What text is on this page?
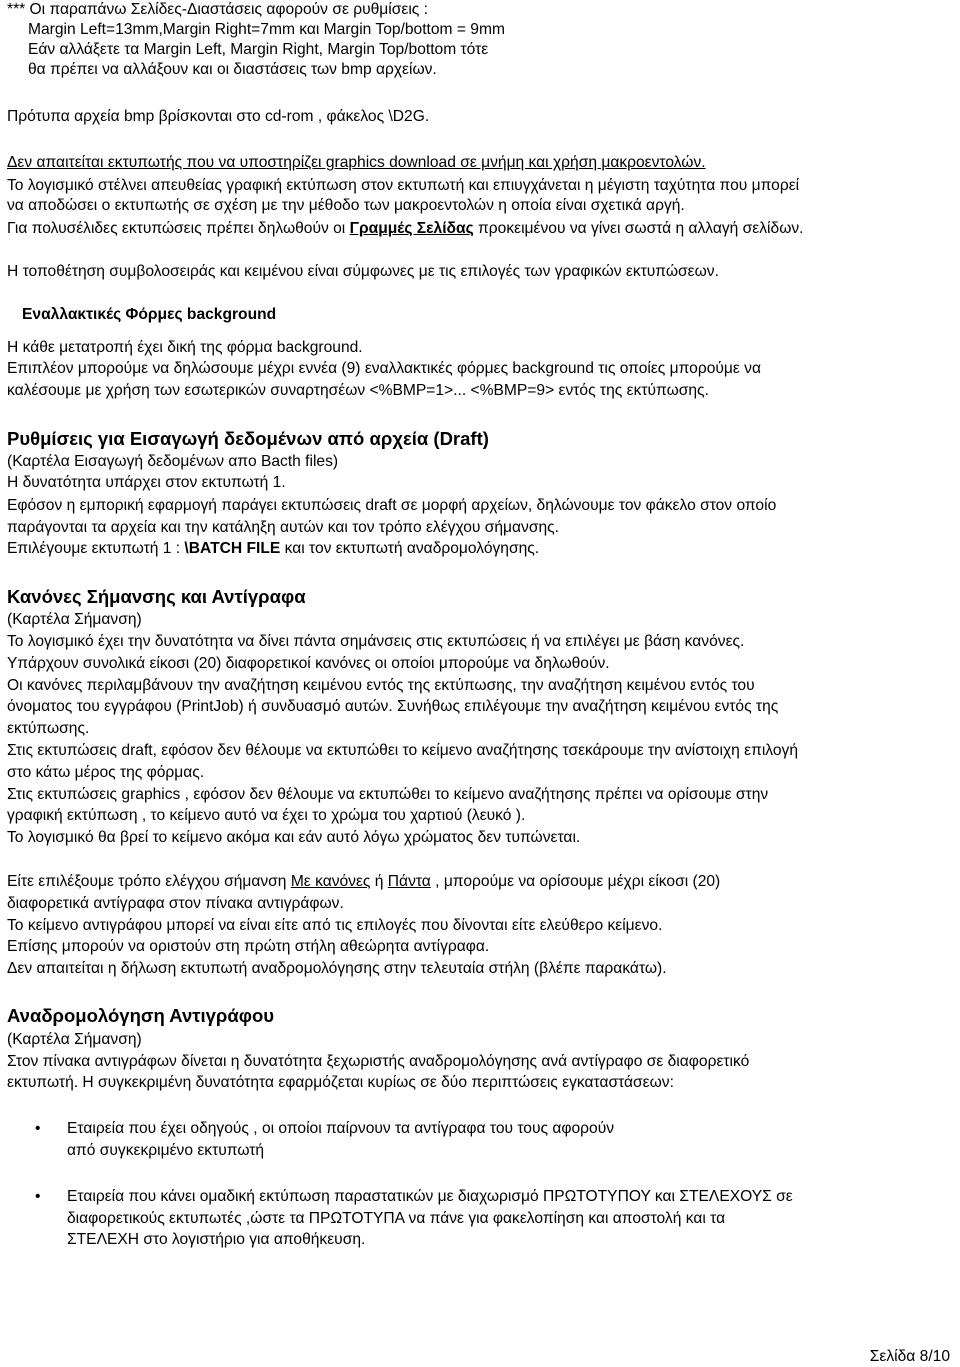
*** Οι παραπάνω Σελίδες-Διαστάσεις αφορούν σε ρυθμίσεις :

Margin Left=13mm,Margin Right=7mm και Margin Top/bottom = 9mm

Εάν αλλάξετε τα Margin Left, Margin Right, Margin Top/bottom τότε

θα πρέπει να αλλάξουν και οι διαστάσεις των bmp αρχείων.

Πρότυπα αρχεία bmp βρίσκονται στο cd-rom , φάκελος \D2G.

Δεν απαιτείται εκτυπωτής που να υποστηρίζει graphics download σε μνήμη και χρήση μακροεντολών.

Το λογισμικό στέλνει απευθείας γραφική εκτύπωση στον εκτυπωτή και επιυγχάνεται η μέγιστη ταχύτητα που μπορεί

να αποδώσει ο εκτυπωτής σε σχέση με την μέθοδο των μακροεντολών η οποία είναι σχετικά αργή.

Για πολυσέλιδες εκτυπώσεις πρέπει δηλωθούν οι Γραμμές Σελίδας προκειμένου να γίνει σωστά η αλλαγή σελίδων.

Η τοποθέτηση συμβολοσειράς και κειμένου είναι σύμφωνες με τις επιλογές των γραφικών εκτυπώσεων.

Εναλλακτικές Φόρμες background

Η κάθε μετατροπή έχει δική της φόρμα background.

Επιπλέον μπορούμε να δηλώσουμε μέχρι εννέα (9) εναλλακτικές φόρμες background τις οποίες μπορούμε να

καλέσουμε με χρήση των εσωτερικών συναρτησέων <%BMP=1>... <%BMP=9> εντός της εκτύπωσης.

Ρυθμίσεις για Εισαγωγή δεδομένων από αρχεία (Draft)

(Καρτέλα Εισαγωγή δεδομένων απο Bacth files)

Η δυνατότητα υπάρχει στον εκτυπωτή 1.

Εφόσον η εμπορική εφαρμογή παράγει εκτυπώσεις draft σε μορφή αρχείων, δηλώνουμε τον φάκελο στον οποίο

παράγονται τα αρχεία και την κατάληξη αυτών και τον τρόπο ελέγχου σήμανσης.

Επιλέγουμε εκτυπωτή 1 : \BATCH FILE και τον εκτυπωτή αναδρομολόγησης.

Κανόνες Σήμανσης και Αντίγραφα

(Καρτέλα Σήμανση)

Το λογισμικό έχει την δυνατότητα να δίνει πάντα σημάνσεις στις εκτυπώσεις ή να επιλέγει με βάση κανόνες.

Υπάρχουν συνολικά είκοσι (20) διαφορετικοί κανόνες οι οποίοι μπορούμε να δηλωθούν.

Οι κανόνες περιλαμβάνουν την αναζήτηση κειμένου εντός της εκτύπωσης, την αναζήτηση κειμένου εντός του

όνοματος του εγγράφου (PrintJob) ή συνδυασμό αυτών. Συνήθως επιλέγουμε την αναζήτηση κειμένου εντός της

εκτύπωσης.

Στις εκτυπώσεις draft, εφόσον δεν θέλουμε να εκτυπώθει το κείμενο αναζήτησης τσεκάρουμε την ανίστοιχη επιλογή

στο κάτω μέρος της φόρμας.

Στις εκτυπώσεις graphics , εφόσον δεν θέλουμε να εκτυπώθει το κείμενο αναζήτησης πρέπει να ορίσουμε στην

γραφική εκτύπωση , το κείμενο αυτό να έχει το χρώμα του χαρτιού (λευκό ).

Το λογισμικό θα βρεί το κείμενο ακόμα και εάν αυτό λόγω χρώματος δεν τυπώνεται.

Είτε επιλέξουμε τρόπο ελέγχου σήμανση Με κανόνες ή Πάντα , μπορούμε να ορίσουμε μέχρι είκοσι (20)

διαφορετικά αντίγραφα στον πίνακα αντιγράφων.

Το κείμενο αντιγράφου μπορεί να είναι είτε από τις επιλογές που δίνονται είτε ελεύθερο κείμενο.

Επίσης μπορούν να οριστούν στη πρώτη στήλη αθεώρητα αντίγραφα.

Δεν απαιτείται η δήλωση εκτυπωτή αναδρομολόγησης στην τελευταία στήλη (βλέπε παρακάτω).

Αναδρομολόγηση Αντιγράφου

(Καρτέλα Σήμανση)

Στον πίνακα αντιγράφων δίνεται η δυνατότητα ξεχωριστής αναδρομολόγησης ανά αντίγραφο σε διαφορετικό

εκτυπωτή. Η συγκεκριμένη δυνατότητα εφαρμόζεται κυρίως σε δύο περιπτώσεις εγκαταστάσεων:

• Εταιρεία που έχει οδηγούς , οι οποίοι παίρνουν τα αντίγραφα του τους αφορούν

από συγκεκριμένο εκτυπωτή

• Εταιρεία που κάνει ομαδική εκτύπωση παραστατικών με διαχωρισμό ΠΡΩΤΟΤΥΠΟΥ και ΣΤΕΛΕΧΟΥΣ σε

διαφορετικούς εκτυπωτές ,ώστε τα ΠΡΩΤΟΤΥΠΑ να πάνε για φακελοπίηση και αποστολή και τα

ΣΤΕΛΕΧΗ στο λογιστήριο για αποθήκευση.

Σελίδα 8/10
